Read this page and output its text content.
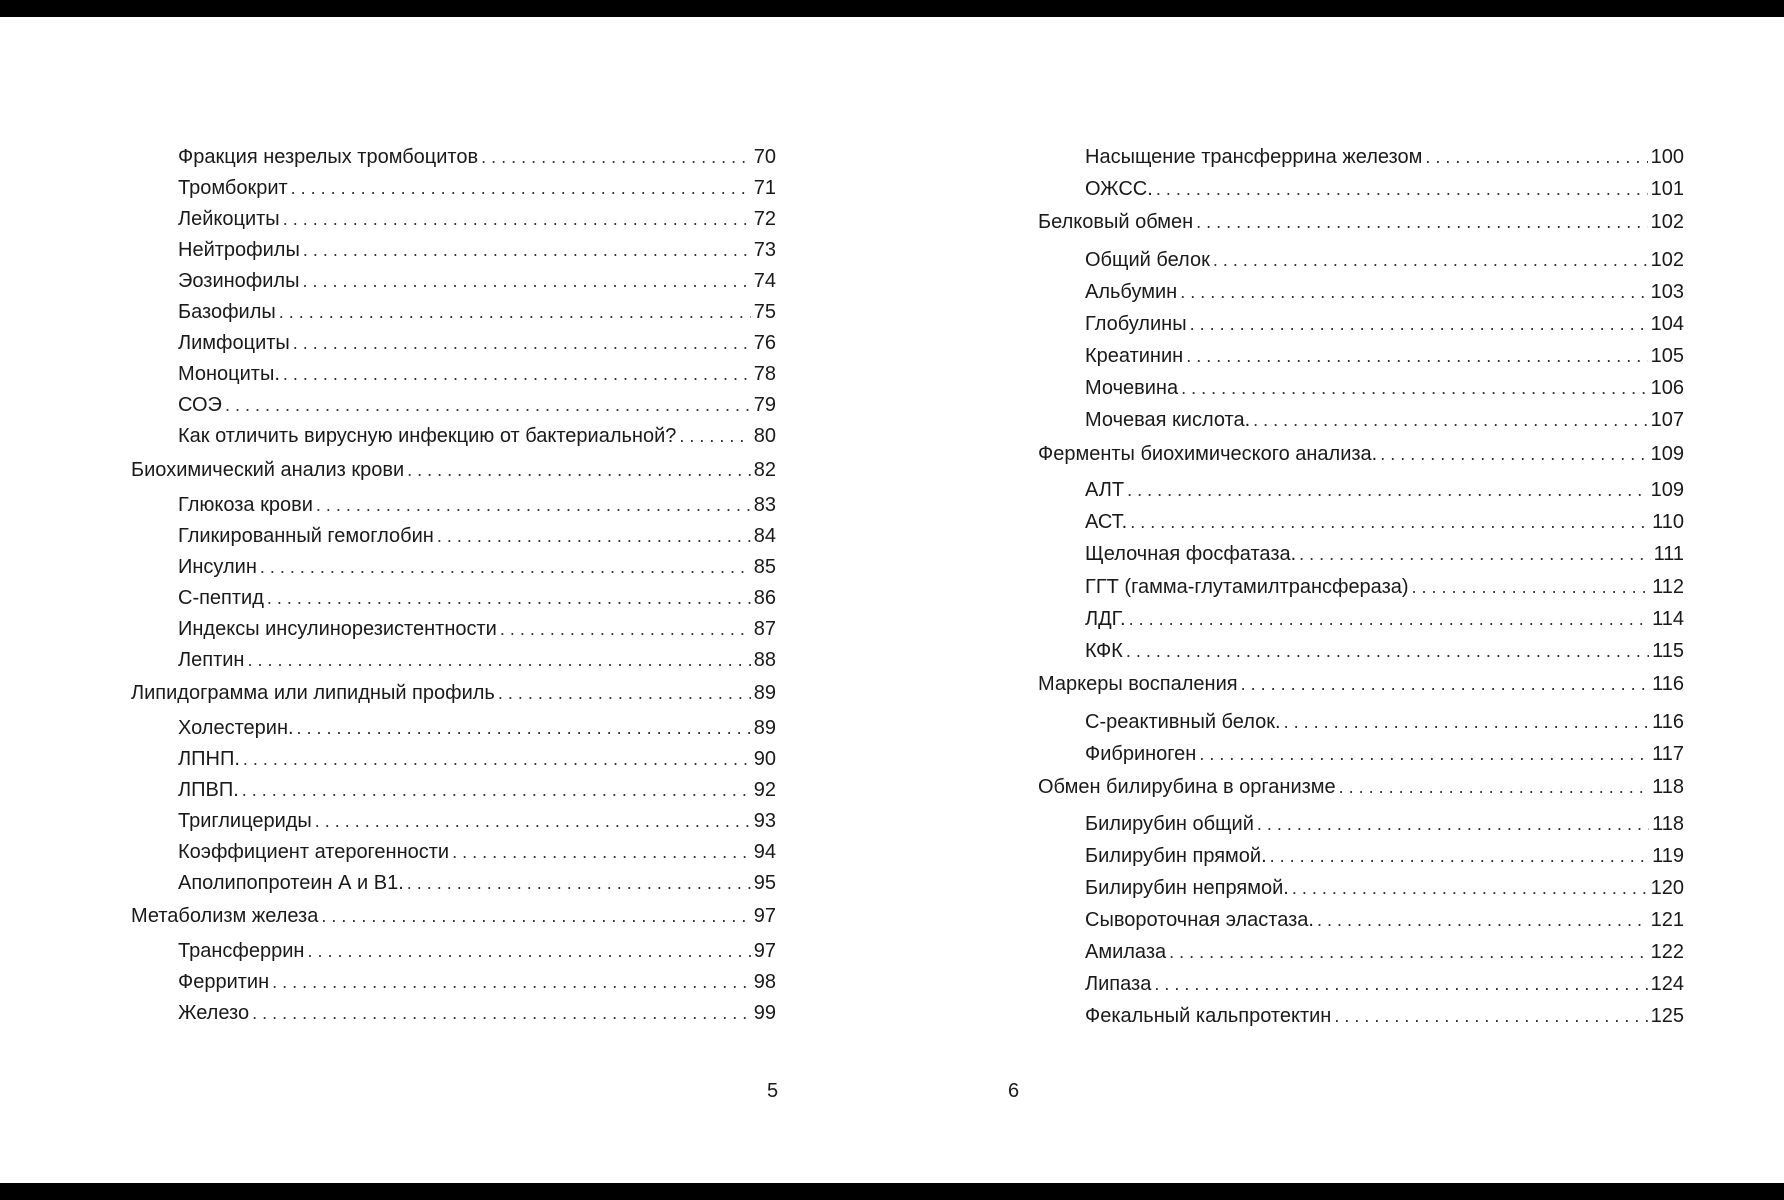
Фракция незрелых тромбоцитов . . .	70
Тромбокрит . . .	71
Лейкоциты . . .	72
Нейтрофилы . . .	73
Эозинофилы . . .	74
Базофилы . . .	75
Лимфоциты . . .	76
Моноциты. . . .	78
СОЭ . . .	79
Как отличить вирусную инфекцию от бактериальной? . . .	80
Биохимический анализ крови . . .	82
Глюкоза крови . . .	83
Гликированный гемоглобин . . .	84
Инсулин . . .	85
С-пептид . . .	86
Индексы инсулинорезистентности . . .	87
Лептин . . .	88
Липидограмма или липидный профиль . . .	89
Холестерин. . . .	89
ЛПНП. . . .	90
ЛПВП. . . .	92
Триглицериды . . .	93
Коэффициент атерогенности . . .	94
Аполипопротеин А и В1. . . .	95
Метаболизм железа . . .	97
Трансферрин . . .	97
Ферритин . . .	98
Железо . . .	99
Насыщение трансферрина железом . . .	100
ОЖСС. . . .	101
Белковый обмен . . .	102
Общий белок . . .	102
Альбумин . . .	103
Глобулины . . .	104
Креатинин . . .	105
Мочевина . . .	106
Мочевая кислота. . . .	107
Ферменты биохимического анализа. . . .	109
АЛТ . . .	109
АСТ. . . .	110
Щелочная фосфатаза. . . .	111
ГГТ (гамма-глутамилтрансфераза) . . .	112
ЛДГ. . . .	114
КФК . . .	115
Маркеры воспаления . . .	116
С-реактивный белок. . . .	116
Фибриноген . . .	117
Обмен билирубина в организме . . .	118
Билирубин общий . . .	118
Билирубин прямой. . . .	119
Билирубин непрямой. . . .	120
Сывороточная эластаза. . . .	121
Амилаза . . .	122
Липаза . . .	124
Фекальный кальпротектин . . .	125
5	6
